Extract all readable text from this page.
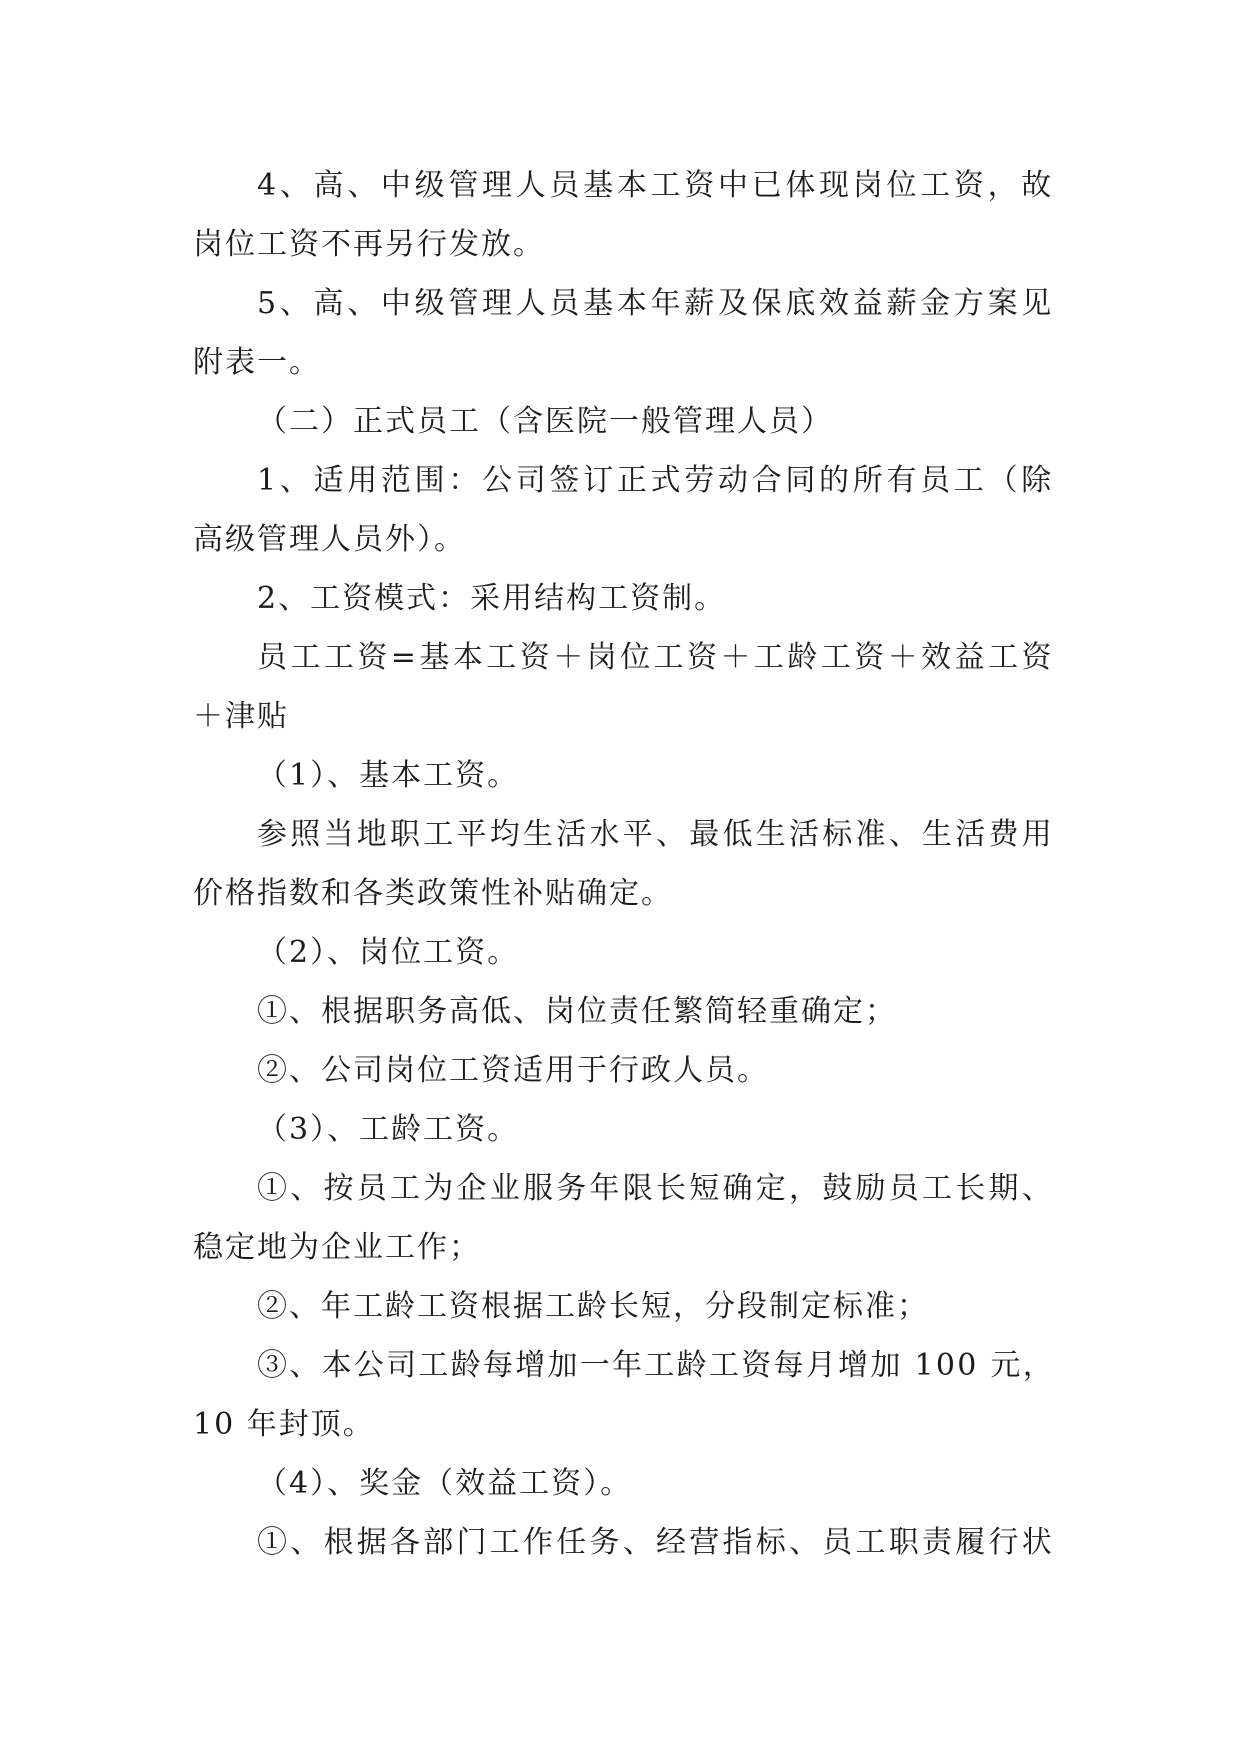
4、高、中级管理人员基本工资中已体现岗位工资，故
岗位工资不再另行发放。
5、高、中级管理人员基本年薪及保底效益薪金方案见
附表一。
（二）正式员工（含医院一般管理人员）
1、适用范围：公司签订正式劳动合同的所有员工（除
高级管理人员外）。
2、工资模式：采用结构工资制。
员工工资=基本工资＋岗位工资＋工龄工资＋效益工资
＋津贴
（1）、基本工资。
参照当地职工平均生活水平、最低生活标准、生活费用
价格指数和各类政策性补贴确定。
（2）、岗位工资。
①、根据职务高低、岗位责任繁简轻重确定；
②、公司岗位工资适用于行政人员。
（3）、工龄工资。
①、按员工为企业服务年限长短确定，鼓励员工长期、
稳定地为企业工作；
②、年工龄工资根据工龄长短，分段制定标准；
③、本公司工龄每增加一年工龄工资每月增加 100 元，
10 年封顶。
（4）、奖金（效益工资）。
①、根据各部门工作任务、经营指标、员工职责履行状
